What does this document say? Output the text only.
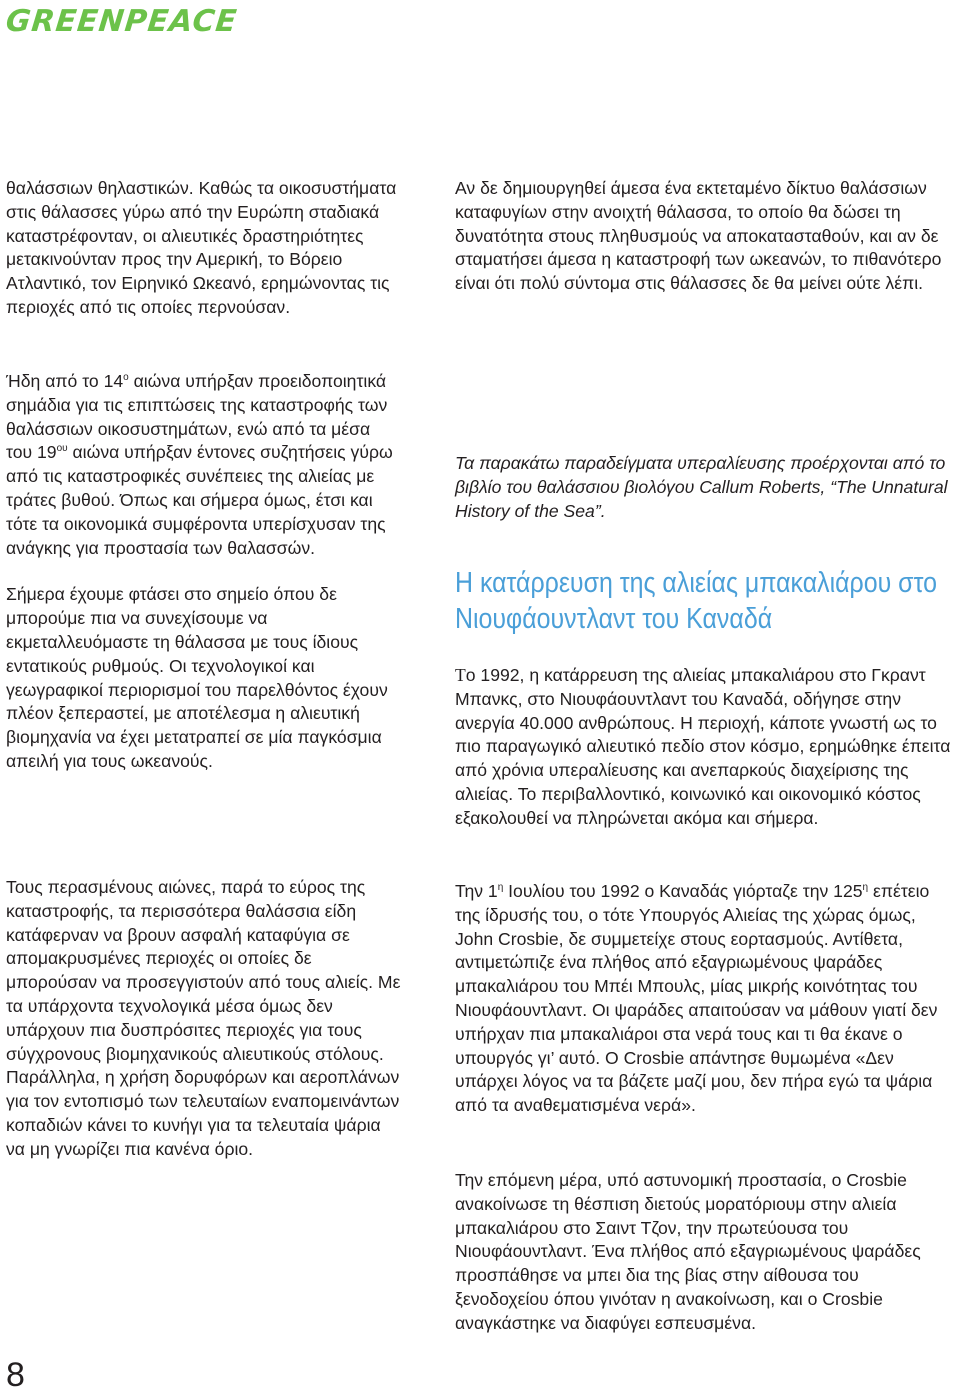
GREENPEACE

θαλάσσιων θηλαστικών. Καθώς τα οικοσυστήματα στις θάλασσες γύρω από την Ευρώπη σταδιακά καταστρέφονταν, οι αλιευτικές δραστηριότητες μετακινούνταν προς την Αμερική, το Βόρειο Ατλαντικό, τον Ειρηνικό Ωκεανό, ερημώνοντας τις περιοχές από τις οποίες περνούσαν.

Ήδη από το $14^o$ αιώνα υπήρξαν προειδοποιητικά σημάδια για τις επιπτώσεις της καταστροφής των θαλάσσιων οικοσυστημάτων, ενώ από τα μέσα του $19^{o\upsilon}$ αιώνα υπήρξαν έντονες συζητήσεις γύρω από τις καταστροφικές συνέπειες της αλιείας με τράτες βυθού. Όπως και σήμερα όμως, έτσι και τότε τα οικονομικά συμφέροντα υπερίσχυσαν της ανάγκης για προστασία των θαλασσών.

Σήμερα έχουμε φτάσει στο σημείο όπου δε μπορούμε πια να συνεχίσουμε να εκμεταλλευόμαστε τη θάλασσα με τους ίδιους εντατικούς ρυθμούς. Οι τεχνολογικοί και γεωγραφικοί περιορισμοί του παρελθόντος έχουν πλέον ξεπεραστεί, με αποτέλεσμα η αλιευτική βιομηχανία να έχει μετατραπεί σε μία παγκόσμια απειλή για τους ωκεανούς.

Τους περασμένους αιώνες, παρά το εύρος της καταστροφής, τα περισσότερα θαλάσσια είδη κατάφερναν να βρουν ασφαλή καταφύγια σε απομακρυσμένες περιοχές οι οποίες δε μπορούσαν να προσεγγιστούν από τους αλιείς. Με τα υπάρχοντα τεχνολογικά μέσα όμως δεν υπάρχουν πια δυσπρόσιτες περιοχές για τους σύγχρονους βιομηχανικούς αλιευτικούς στόλους. Παράλληλα, η χρήση δορυφόρων και αεροπλάνων για τον εντοπισμό των τελευταίων εναπομεινάντων κοπαδιών κάνει το κυνήγι για τα τελευταία ψάρια να μη γνωρίζει πια κανένα όριο.

Αν δε δημιουργηθεί άμεσα ένα εκτεταμένο δίκτυο θαλάσσιων καταφυγίων στην ανοιχτή θάλασσα, το οποίο θα δώσει τη δυνατότητα στους πληθυσμούς να αποκατασταθούν, και αν δε σταματήσει άμεσα η καταστροφή των ωκεανών, το πιθανότερο είναι ότι πολύ σύντομα στις θάλασσες δε θα μείνει ούτε λέπι.

Τα παρακάτω παραδείγματα υπεραλίευσης προέρχονται από το βιβλίο του θαλάσσιου βιολόγου Callum Roberts, “The Unnatural History of the Sea”.

Η κατάρρευση της αλιείας μπακαλιάρου στο
Νιουφάουντλαντ του Καναδά

Το 1992, η κατάρρευση της αλιείας μπακαλιάρου στο Γκραντ Μπανκς, στο Νιουφάουντλαντ του Καναδά, οδήγησε στην ανεργία 40.000 ανθρώπους. Η περιοχή, κάποτε γνωστή ως το πιο παραγωγικό αλιευτικό πεδίο στον κόσμο, ερημώθηκε έπειτα από χρόνια υπεραλίευσης και ανεπαρκούς διαχείρισης της αλιείας. Το περιβαλλοντικό, κοινωνικό και οικονομικό κόστος εξακολουθεί να πληρώνεται ακόμα και σήμερα.

Την $1^\eta$ Ιουλίου του 1992 ο Καναδάς γιόρταζε την $125^\eta$ επέτειο της ίδρυσής του, ο τότε Υπουργός Αλιείας της χώρας όμως, John Crosbie, δε συμμετείχε στους εορτασμούς. Αντίθετα, αντιμετώπιζε ένα πλήθος από εξαγριωμένους ψαράδες μπακαλιάρου του Μπέι Μπουλς, μίας μικρής κοινότητας του Νιουφάουντλαντ. Οι ψαράδες απαιτούσαν να μάθουν γιατί δεν υπήρχαν πια μπακαλιάροι στα νερά τους και τι θα έκανε ο υπουργός γι’ αυτό. Ο Crosbie απάντησε θυμωμένα «Δεν υπάρχει λόγος να τα βάζετε μαζί μου, δεν πήρα εγώ τα ψάρια από τα αναθεματισμένα νερά».

Την επόμενη μέρα, υπό αστυνομική προστασία, ο Crosbie ανακοίνωσε τη θέσπιση διετούς μορατόριουμ στην αλιεία μπακαλιάρου στο Σαιντ Τζον, την πρωτεύουσα του Νιουφάουντλαντ. Ένα πλήθος από εξαγριωμένους ψαράδες προσπάθησε να μπει δια της βίας στην αίθουσα του ξενοδοχείου όπου γινόταν η ανακοίνωση, και ο Crosbie αναγκάστηκε να διαφύγει εσπευσμένα.

8
